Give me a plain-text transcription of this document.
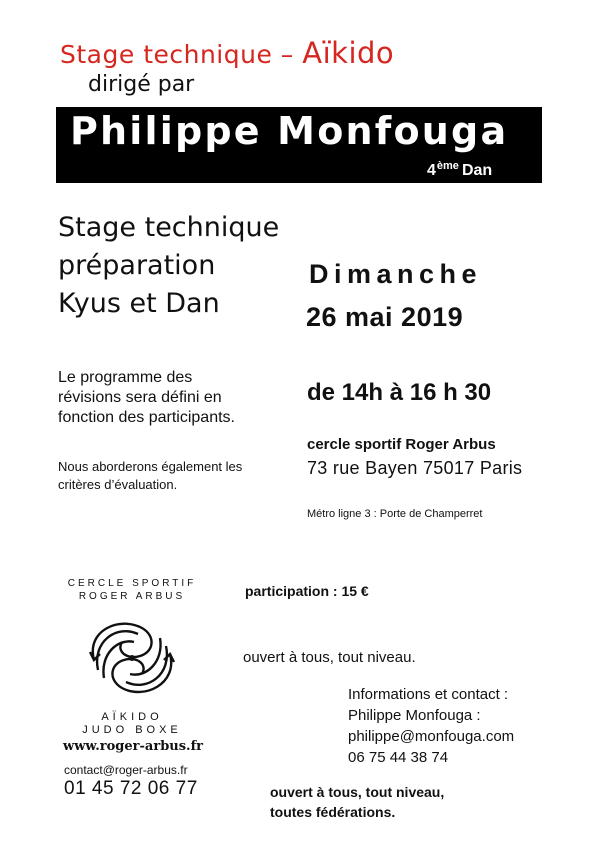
Stage technique – Aïkido
dirigé par
Philippe Monfouga
4ème Dan
Stage technique
préparation
Kyus et Dan
Dimanche
26 mai 2019
Le programme des
révisions sera défini en
fonction des participants.
Nous aborderons également les
critères d’évaluation.
de 14h à 16 h 30
cercle sportif Roger Arbus
73 rue Bayen 75017 Paris
Métro ligne 3 : Porte de Champerret
CERCLE SPORTIF
ROGER ARBUS
AÏKIDO
JUDO BOXE
www.roger-arbus.fr
contact@roger-arbus.fr
01 45 72 06 77
participation : 15 €
ouvert à tous, tout niveau.
Informations et contact :
Philippe Monfouga :
philippe@monfouga.com
06 75 44 38 74
ouvert à tous, tout niveau,
toutes fédérations.
